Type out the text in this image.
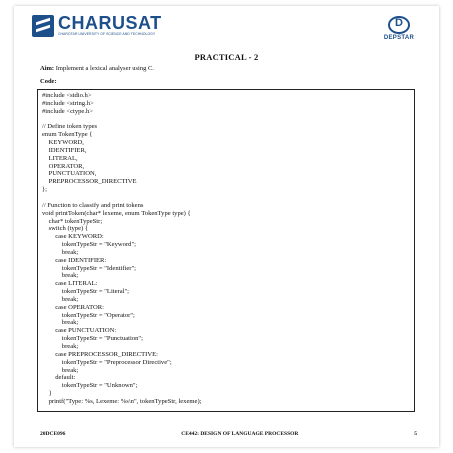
CHARUSAT
CHAROTAR UNIVERSITY OF SCIENCE AND TECHNOLOGY
D
DEPSTAR
PRACTICAL - 2
Aim: Implement a lexical analyser using C.
Code:
#include <stdio.h>
#include <string.h>
#include <ctype.h>

// Define token types
enum TokenType {
KEYWORD,
IDENTIFIER,
LITERAL,
OPERATOR,
PUNCTUATION,
PREPROCESSOR_DIRECTIVE
};

// Function to classify and print tokens
void printToken(char* lexeme, enum TokenType type) {
char* tokenTypeStr;
switch (type) {
case KEYWORD:
tokenTypeStr = "Keyword";
break;
case IDENTIFIER:
tokenTypeStr = "Identifier";
break;
case LITERAL:
tokenTypeStr = "Literal";
break;
case OPERATOR:
tokenTypeStr = "Operator";
break;
case PUNCTUATION:
tokenTypeStr = "Punctuation";
break;
case PREPROCESSOR_DIRECTIVE:
tokenTypeStr = "Preprocessor Directive";
break;
default:
tokenTypeStr = "Unknown";
}
printf("Type: %s, Lexeme: %s\n", tokenTypeStr, lexeme);
20DCE096	CE442: DESIGN OF LANGUAGE PROCESSOR	5
